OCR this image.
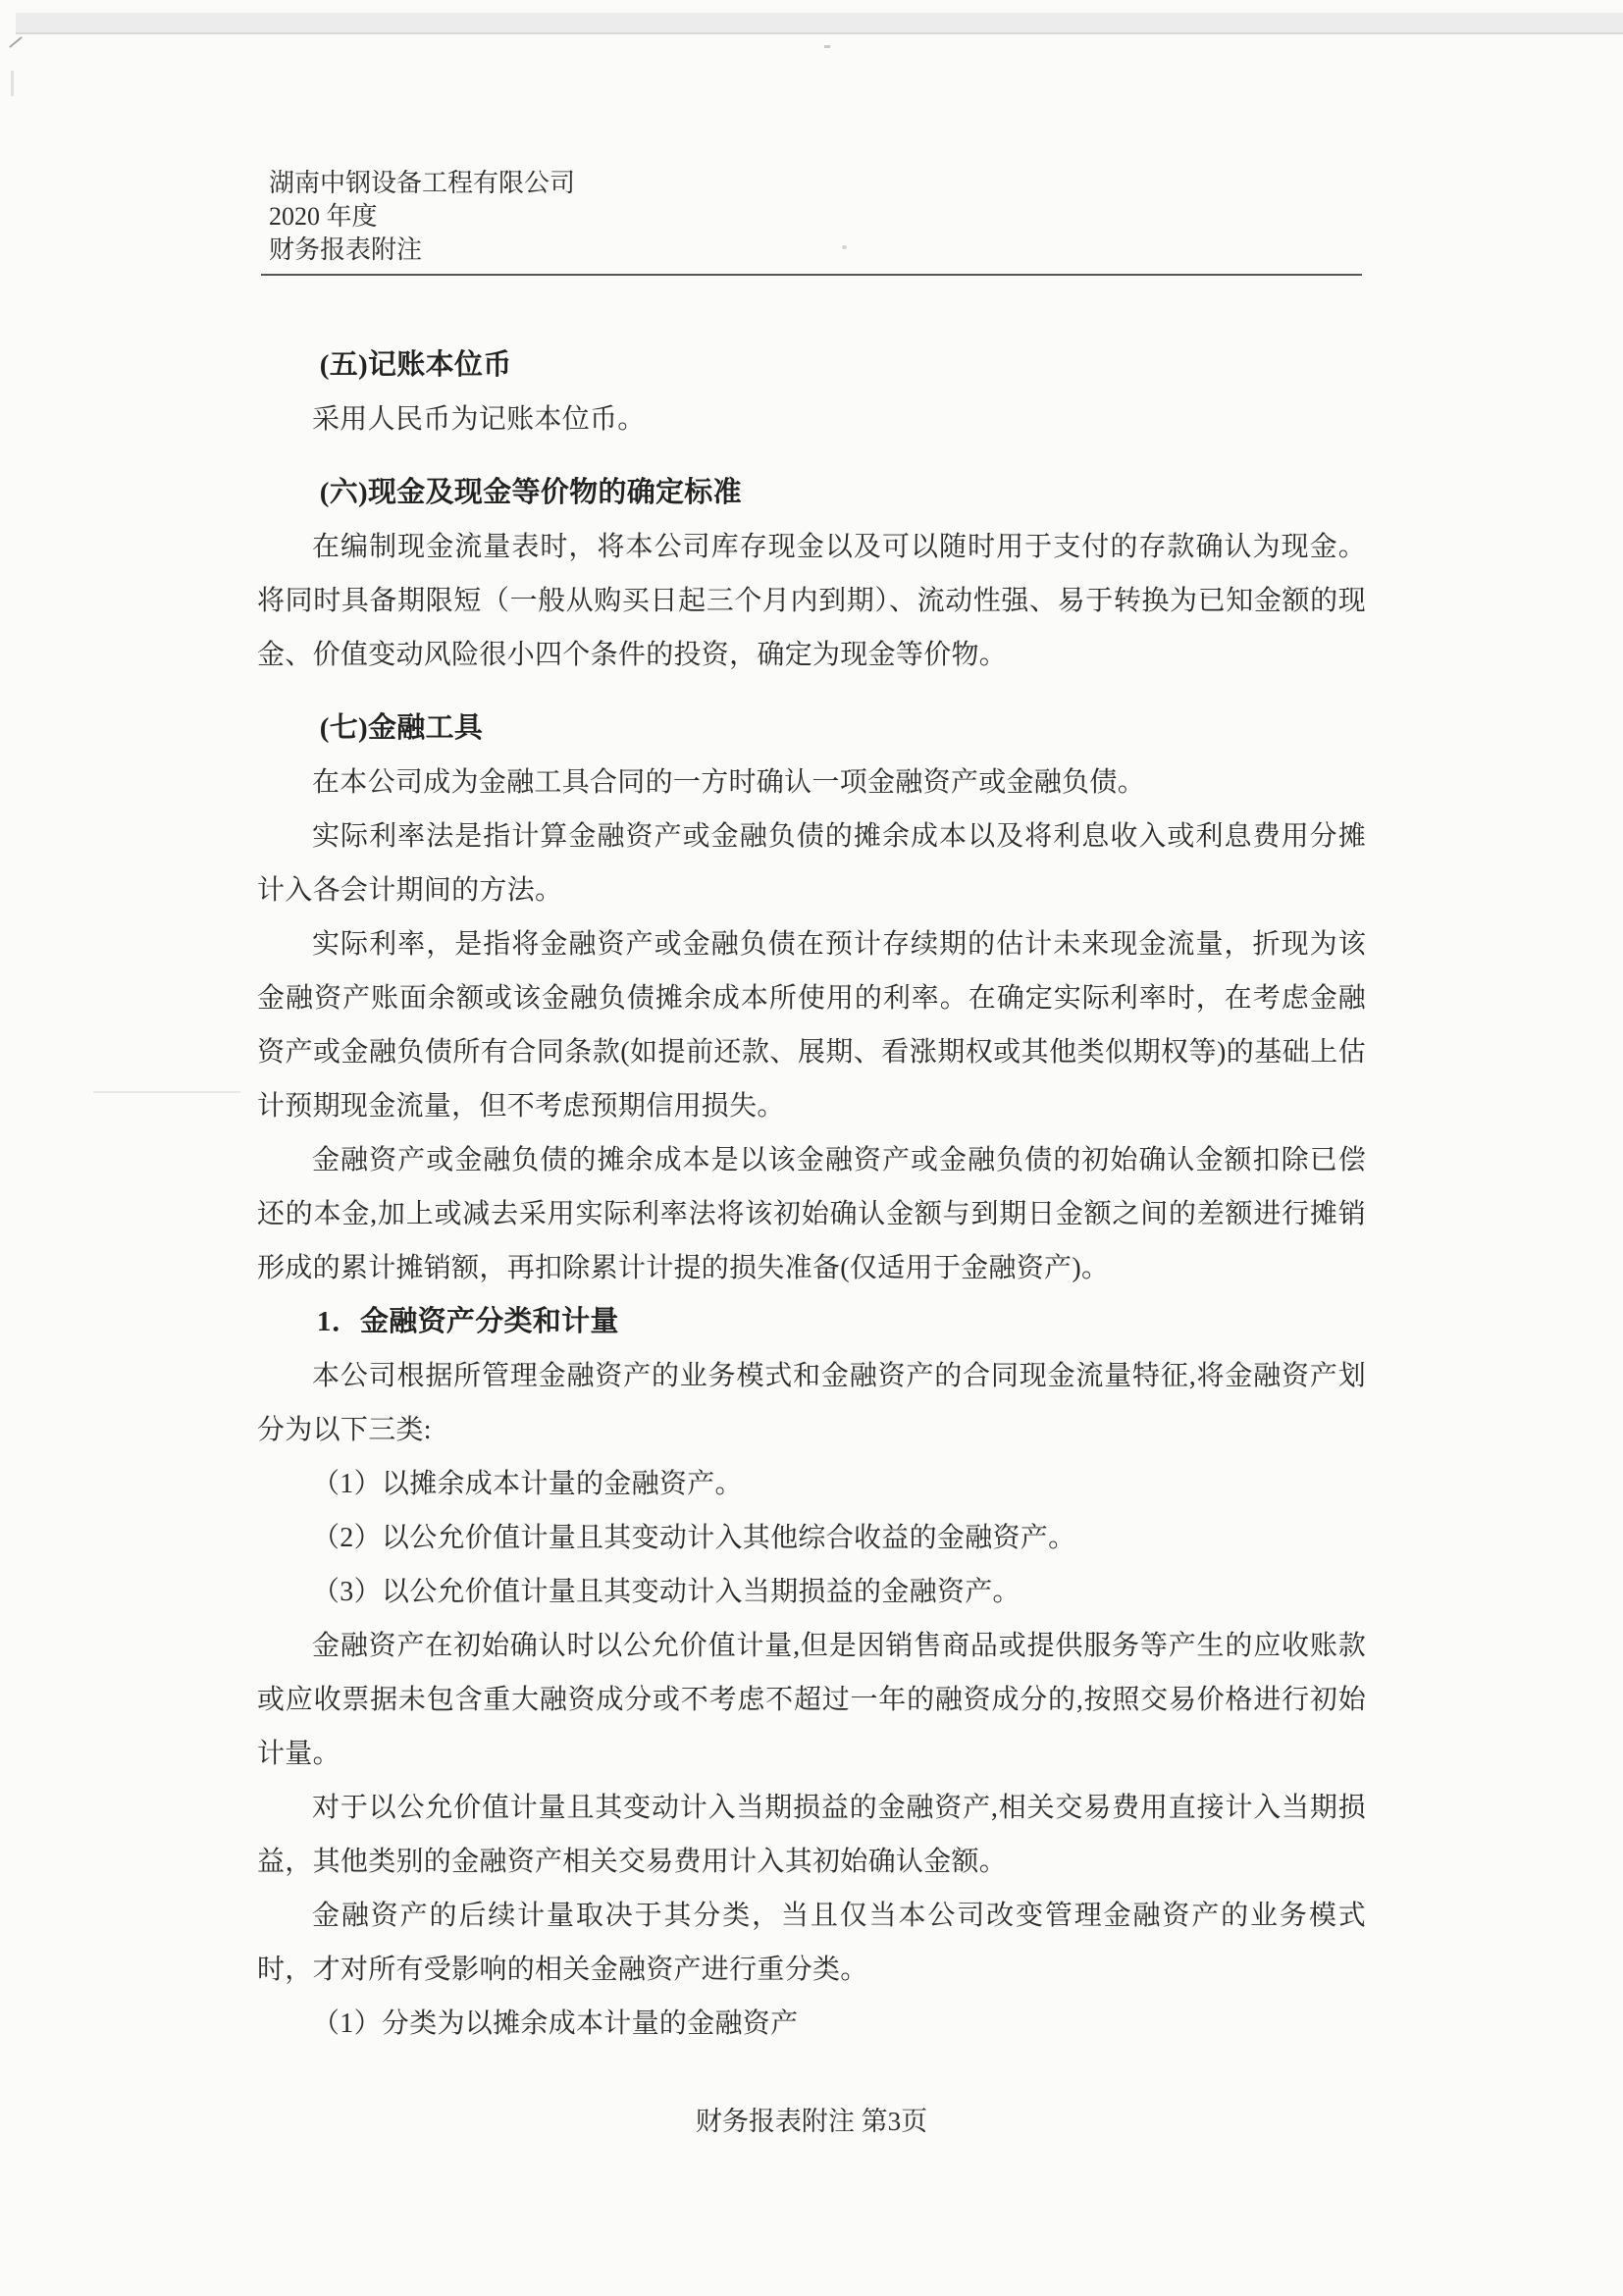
湖南中钢设备工程有限公司
2020 年度
财务报表附注
(五)记账本位币

采用人民币为记账本位币。

(六)现金及现金等价物的确定标准

在编制现金流量表时，将本公司库存现金以及可以随时用于支付的存款确认为现金。将同时具备期限短（一般从购买日起三个月内到期）、流动性强、易于转换为已知金额的现金、价值变动风险很小四个条件的投资，确定为现金等价物。

(七)金融工具

在本公司成为金融工具合同的一方时确认一项金融资产或金融负债。

实际利率法是指计算金融资产或金融负债的摊余成本以及将利息收入或利息费用分摊计入各会计期间的方法。

实际利率，是指将金融资产或金融负债在预计存续期的估计未来现金流量，折现为该金融资产账面余额或该金融负债摊余成本所使用的利率。在确定实际利率时，在考虑金融资产或金融负债所有合同条款(如提前还款、展期、看涨期权或其他类似期权等)的基础上估计预期现金流量，但不考虑预期信用损失。

金融资产或金融负债的摊余成本是以该金融资产或金融负债的初始确认金额扣除已偿还的本金,加上或减去采用实际利率法将该初始确认金额与到期日金额之间的差额进行摊销形成的累计摊销额，再扣除累计计提的损失准备(仅适用于金融资产)。

1．金融资产分类和计量

本公司根据所管理金融资产的业务模式和金融资产的合同现金流量特征,将金融资产划分为以下三类:

（1）以摊余成本计量的金融资产。

（2）以公允价值计量且其变动计入其他综合收益的金融资产。

（3）以公允价值计量且其变动计入当期损益的金融资产。

金融资产在初始确认时以公允价值计量,但是因销售商品或提供服务等产生的应收账款或应收票据未包含重大融资成分或不考虑不超过一年的融资成分的,按照交易价格进行初始计量。

对于以公允价值计量且其变动计入当期损益的金融资产,相关交易费用直接计入当期损益，其他类别的金融资产相关交易费用计入其初始确认金额。

金融资产的后续计量取决于其分类，当且仅当本公司改变管理金融资产的业务模式时，才对所有受影响的相关金融资产进行重分类。

（1）分类为以摊余成本计量的金融资产

财务报表附注 第3页
